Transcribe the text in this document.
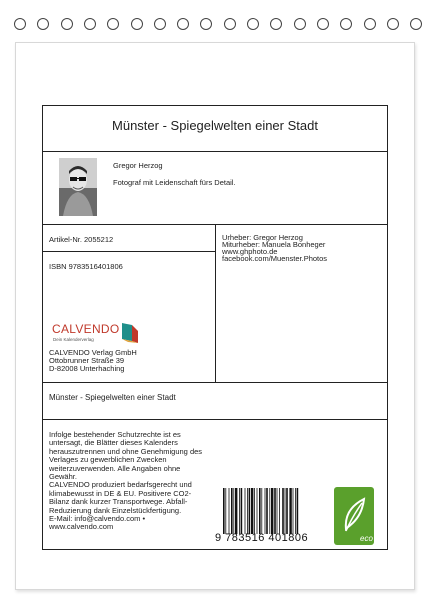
Münster - Spiegelwelten einer Stadt
Gregor Herzog
Fotograf mit Leidenschaft fürs Detail.
Artikel-Nr. 2055212
ISBN 9783516401806
Urheber: Gregor Herzog
Miturheber: Manuela Bonheger
www.ghphoto.de
facebook.com/Muenster.Photos
CALVENDO
Dein Kalenderverlag
CALVENDO Verlag GmbH
Ottobrunner Straße 39
D-82008 Unterhaching
Münster - Spiegelwelten einer Stadt
Infolge bestehender Schutzrechte ist es
untersagt, die Blätter dieses Kalenders
herauszutrennen und ohne Genehmigung des
Verlages zu gewerblichen Zwecken
weiterzuverwenden. Alle Angaben ohne
Gewähr.
CALVENDO produziert bedarfsgerecht und
klimabewusst in DE & EU. Positivere CO2-
Bilanz dank kurzer Transportwege. Abfall-
Reduzierung dank Einzelstückfertigung.
E-Mail: info@calvendo.com •
www.calvendo.com
9 783516 401806	eco
